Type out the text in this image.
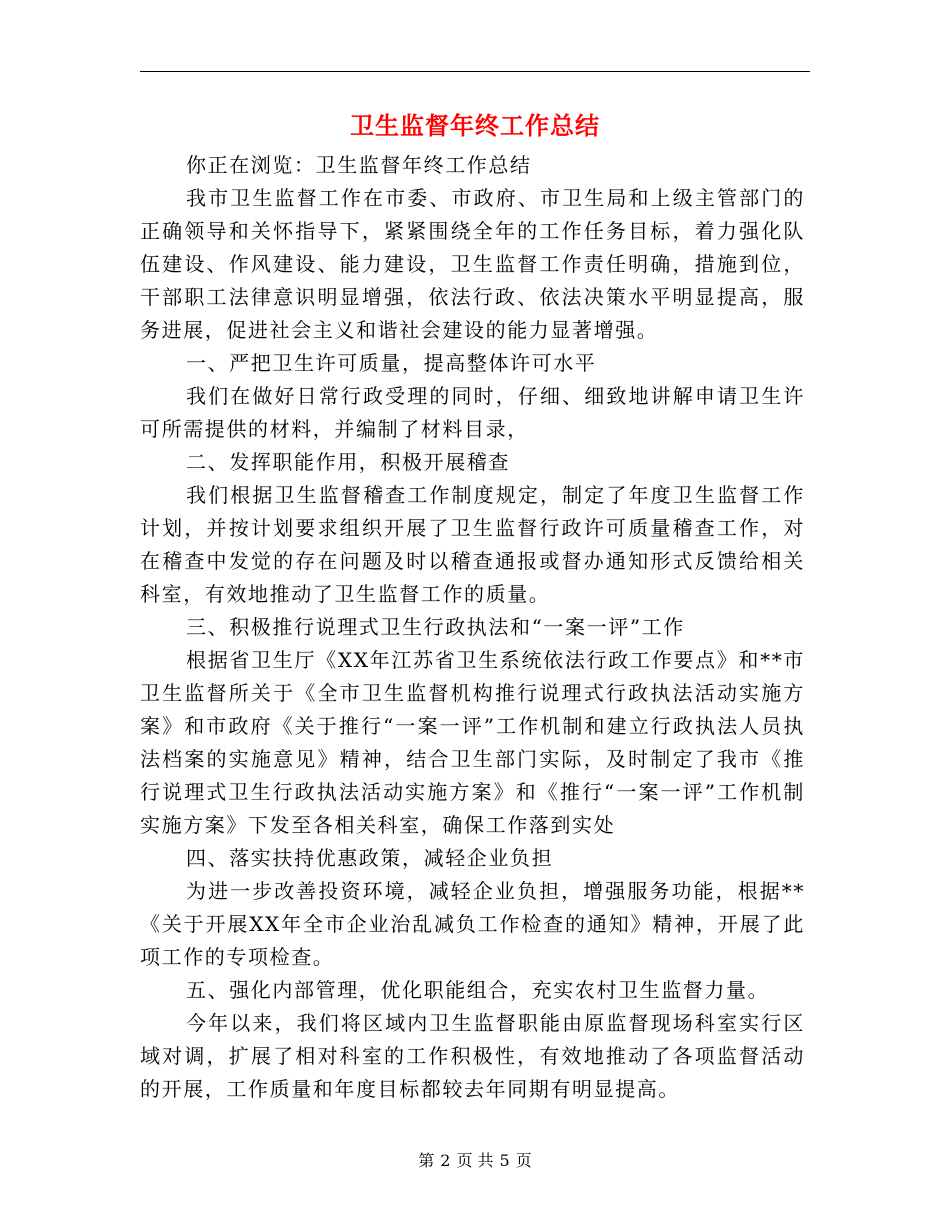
卫生监督年终工作总结

你正在浏览：卫生监督年终工作总结

我市卫生监督工作在市委、市政府、市卫生局和上级主管部门的正确领导和关怀指导下，紧紧围绕全年的工作任务目标，着力强化队伍建设、作风建设、能力建设，卫生监督工作责任明确，措施到位，干部职工法律意识明显增强，依法行政、依法决策水平明显提高，服务进展，促进社会主义和谐社会建设的能力显著增强。

一、严把卫生许可质量，提高整体许可水平

我们在做好日常行政受理的同时，仔细、细致地讲解申请卫生许可所需提供的材料，并编制了材料目录，

二、发挥职能作用，积极开展稽查

我们根据卫生监督稽查工作制度规定，制定了年度卫生监督工作计划，并按计划要求组织开展了卫生监督行政许可质量稽查工作，对在稽查中发觉的存在问题及时以稽查通报或督办通知形式反馈给相关科室，有效地推动了卫生监督工作的质量。

三、积极推行说理式卫生行政执法和“一案一评”工作

根据省卫生厅《XX年江苏省卫生系统依法行政工作要点》和**市卫生监督所关于《全市卫生监督机构推行说理式行政执法活动实施方案》和市政府《关于推行“一案一评”工作机制和建立行政执法人员执法档案的实施意见》精神，结合卫生部门实际，及时制定了我市《推行说理式卫生行政执法活动实施方案》和《推行“一案一评”工作机制实施方案》下发至各相关科室，确保工作落到实处

四、落实扶持优惠政策，减轻企业负担

为进一步改善投资环境，减轻企业负担，增强服务功能，根据**《关于开展XX年全市企业治乱减负工作检查的通知》精神，开展了此项工作的专项检查。

五、强化内部管理，优化职能组合，充实农村卫生监督力量。

今年以来，我们将区域内卫生监督职能由原监督现场科室实行区域对调，扩展了相对科室的工作积极性，有效地推动了各项监督活动的开展，工作质量和年度目标都较去年同期有明显提高。

第 2 页 共 5 页
